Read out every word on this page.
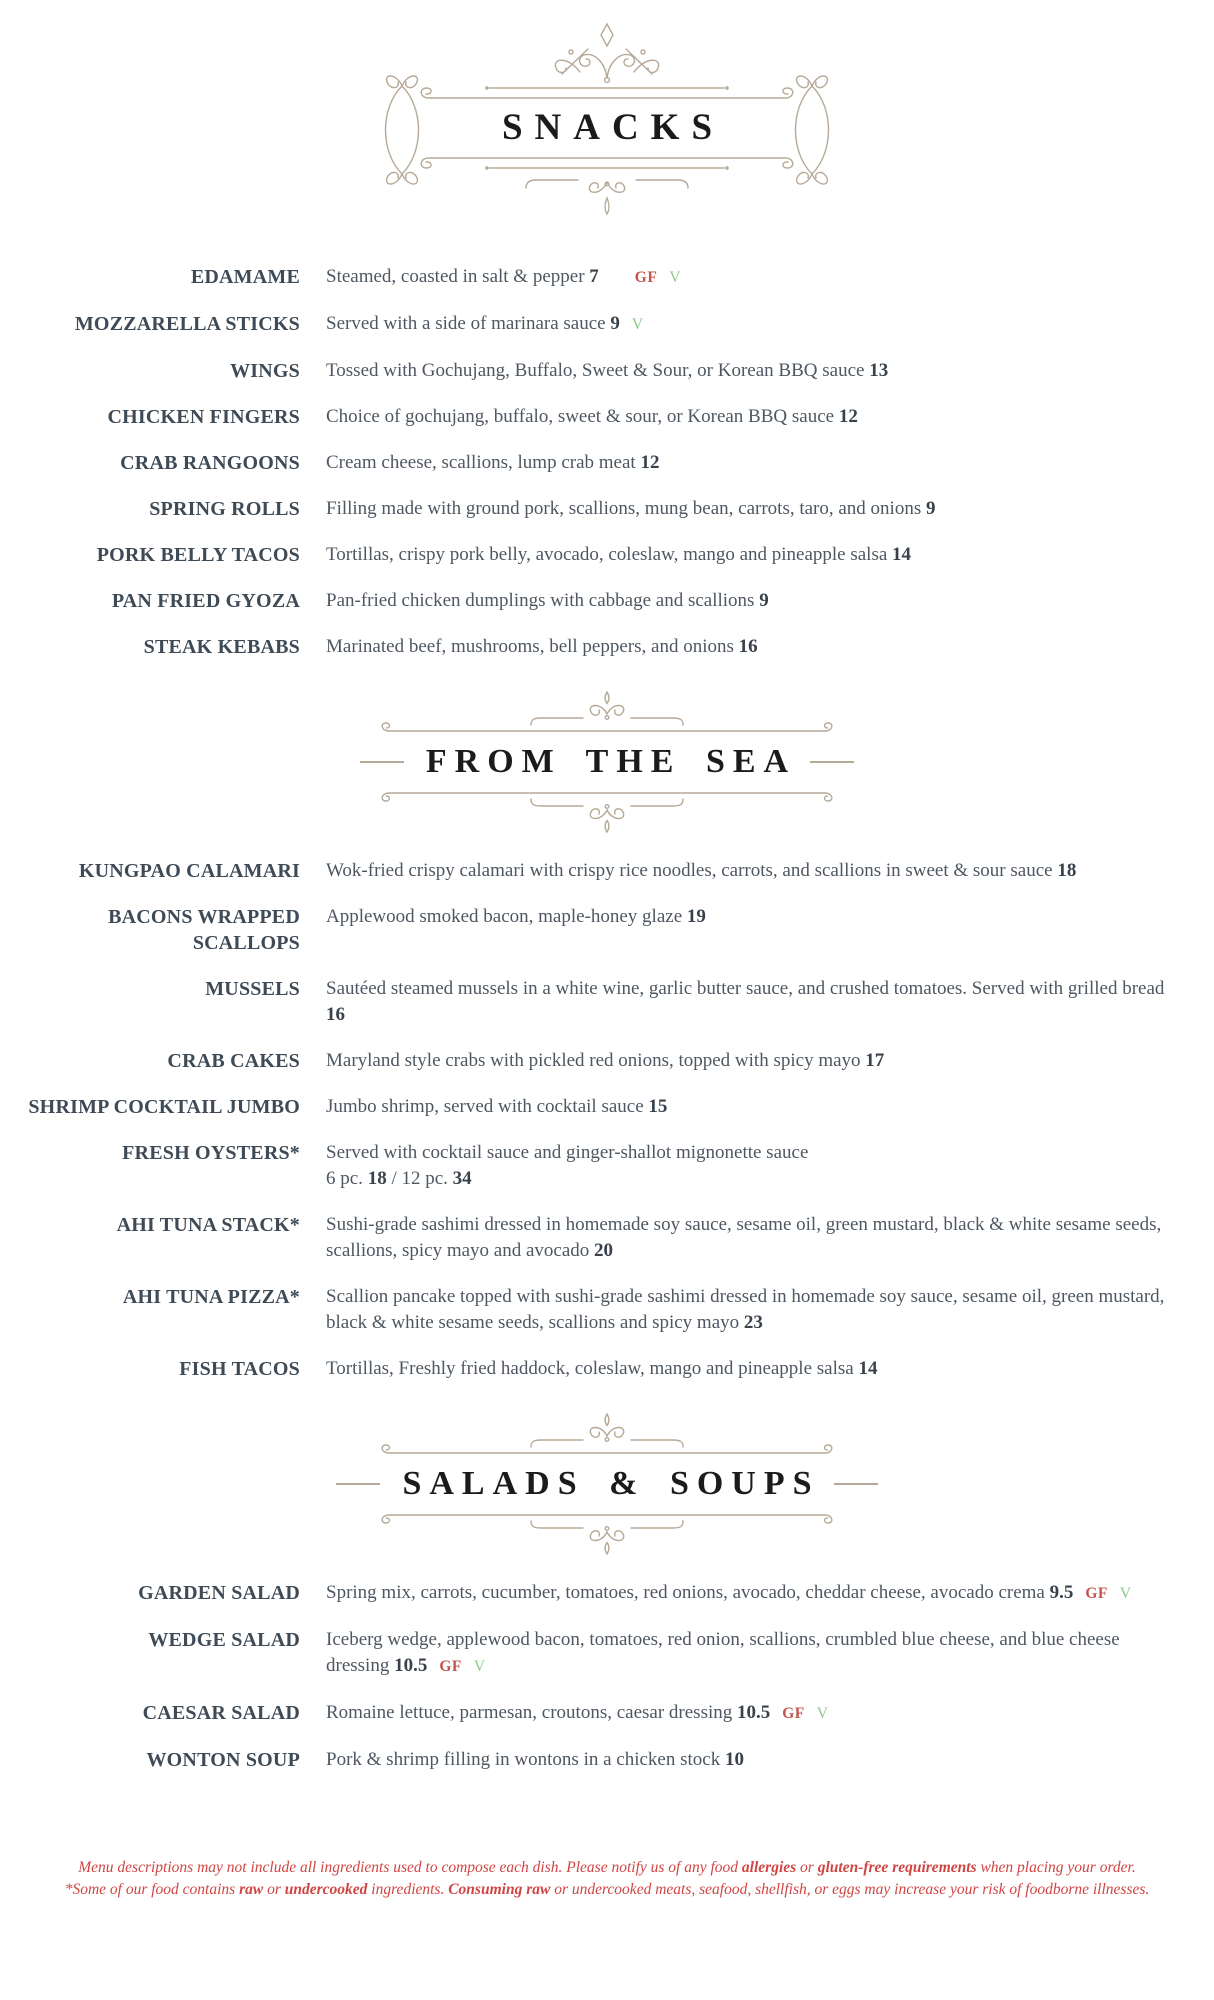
SNACKS
EDAMAME Steamed, coasted in salt & pepper 7 GF V
MOZZARELLA STICKS Served with a side of marinara sauce 9 V
WINGS Tossed with Gochujang, Buffalo, Sweet & Sour, or Korean BBQ sauce 13
CHICKEN FINGERS Choice of gochujang, buffalo, sweet & sour, or Korean BBQ sauce 12
CRAB RANGOONS Cream cheese, scallions, lump crab meat 12
SPRING ROLLS Filling made with ground pork, scallions, mung bean, carrots, taro, and onions 9
PORK BELLY TACOS Tortillas, crispy pork belly, avocado, coleslaw, mango and pineapple salsa 14
PAN FRIED GYOZA Pan-fried chicken dumplings with cabbage and scallions 9
STEAK KEBABS Marinated beef, mushrooms, bell peppers, and onions 16
FROM THE SEA
KUNGPAO CALAMARI Wok-fried crispy calamari with crispy rice noodles, carrots, and scallions in sweet & sour sauce 18
BACONS WRAPPED SCALLOPS
Applewood smoked bacon, maple-honey glaze 19
MUSSELS Sautéed steamed mussels in a white wine, garlic butter sauce, and crushed tomatoes. Served with grilled bread 16
CRAB CAKES Maryland style crabs with pickled red onions, topped with spicy mayo 17
SHRIMP COCKTAIL JUMBO Jumbo shrimp, served with cocktail sauce 15
FRESH OYSTERS* Served with cocktail sauce and ginger-shallot mignonette sauce
6 pc. 18 / 12 pc. 34
AHI TUNA STACK* Sushi-grade sashimi dressed in homemade soy sauce, sesame oil, green mustard, black & white sesame seeds, scallions, spicy mayo and avocado 20
AHI TUNA PIZZA* Scallion pancake topped with sushi-grade sashimi dressed in homemade soy sauce, sesame oil, green mustard, black & white sesame seeds, scallions and spicy mayo 23
FISH TACOS Tortillas, Freshly fried haddock, coleslaw, mango and pineapple salsa 14
SALADS & SOUPS
GARDEN SALAD Spring mix, carrots, cucumber, tomatoes, red onions, avocado, cheddar cheese, avocado crema 9.5 GF V
WEDGE SALAD Iceberg wedge, applewood bacon, tomatoes, red onion, scallions, crumbled blue cheese, and blue cheese dressing 10.5 GF V
CAESAR SALAD Romaine lettuce, parmesan, croutons, caesar dressing 10.5 GF V
WONTON SOUP Pork & shrimp filling in wontons in a chicken stock 10

Menu descriptions may not include all ingredients used to compose each dish. Please notify us of any food allergies or gluten-free requirements when placing your order.

*Some of our food contains raw or undercooked ingredients. Consuming raw or undercooked meats, seafood, shellfish, or eggs may increase your risk of foodborne illnesses.
